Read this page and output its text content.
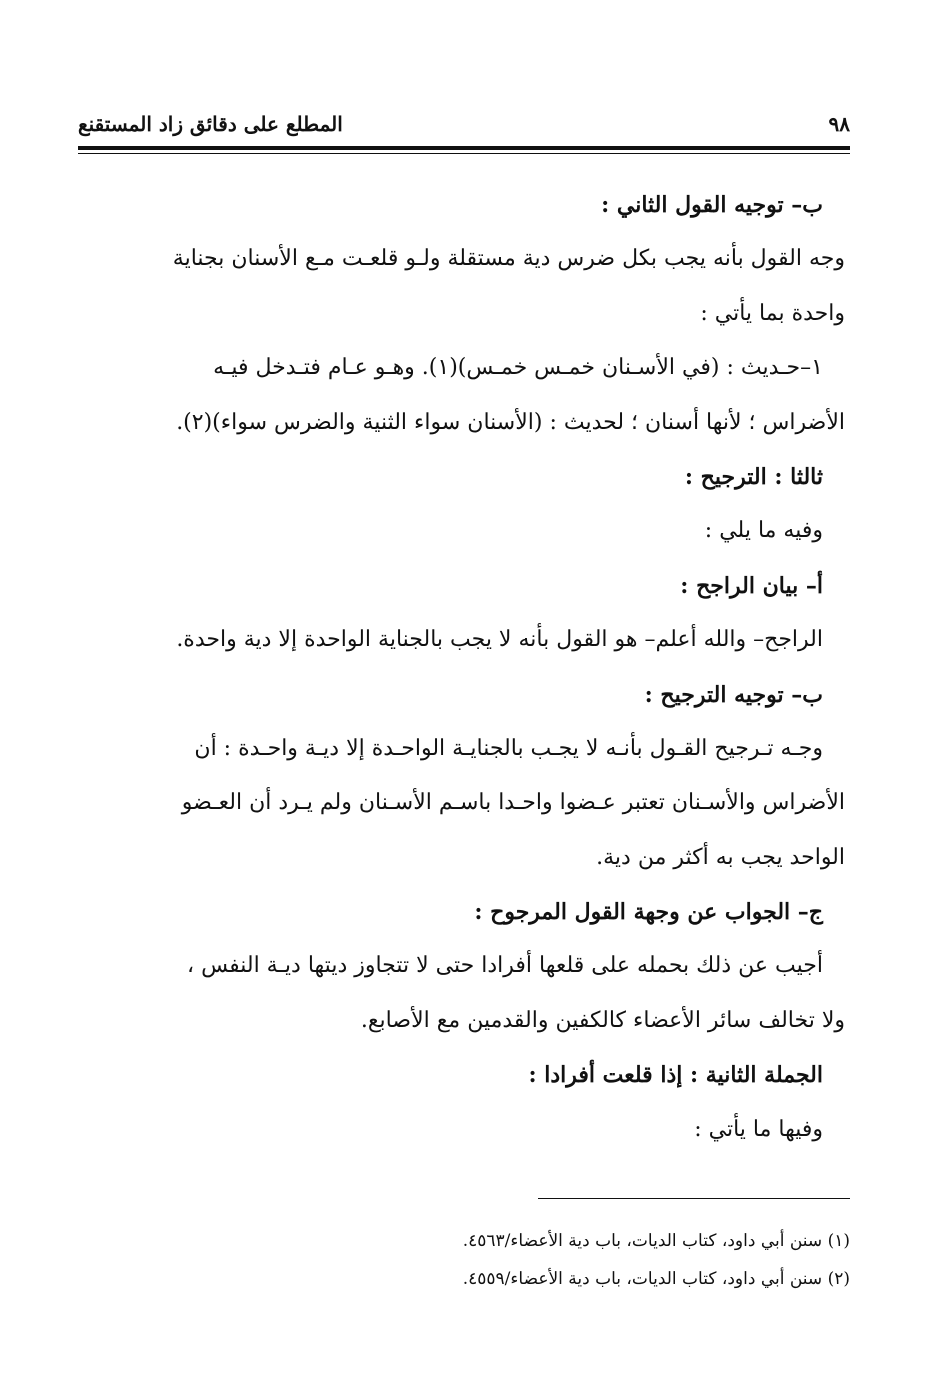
٩٨
المطلع على دقائق زاد المستقنع
ب– توجيه القول الثاني :
وجه القول بأنه يجب بكل ضرس دية مستقلة ولـو قلعـت مـع الأسنان بجناية
واحدة بما يأتي :
١–حـديث : (في الأسـنان خمـس خمـس)(١). وهـو عـام فتـدخل فيـه
الأضراس ؛ لأنها أسنان ؛ لحديث : (الأسنان سواء الثنية والضرس سواء)(٢).
ثالثا : الترجيح :
وفيه ما يلي :
أ– بيان الراجح :
الراجح– والله أعلم– هو القول بأنه لا يجب بالجناية الواحدة إلا دية واحدة.
ب– توجيه الترجيح :
وجـه تـرجيح القـول بأنـه لا يجـب بالجنايـة الواحـدة إلا ديـة واحـدة : أن
الأضراس والأسـنان تعتبر عـضوا واحـدا باسـم الأسـنان ولم يـرد أن العـضو
الواحد يجب به أكثر من دية.
ج– الجواب عن وجهة القول المرجوح :
أجيب عن ذلك بحمله على قلعها أفرادا حتى لا تتجاوز ديتها ديـة النفس ،
ولا تخالف سائر الأعضاء كالكفين والقدمين مع الأصابع.
الجملة الثانية : إذا قلعت أفرادا :
وفيها ما يأتي :
(١) سنن أبي داود، كتاب الديات، باب دية الأعضاء/٤٥٦٣.
(٢) سنن أبي داود، كتاب الديات، باب دية الأعضاء/٤٥٥٩.
